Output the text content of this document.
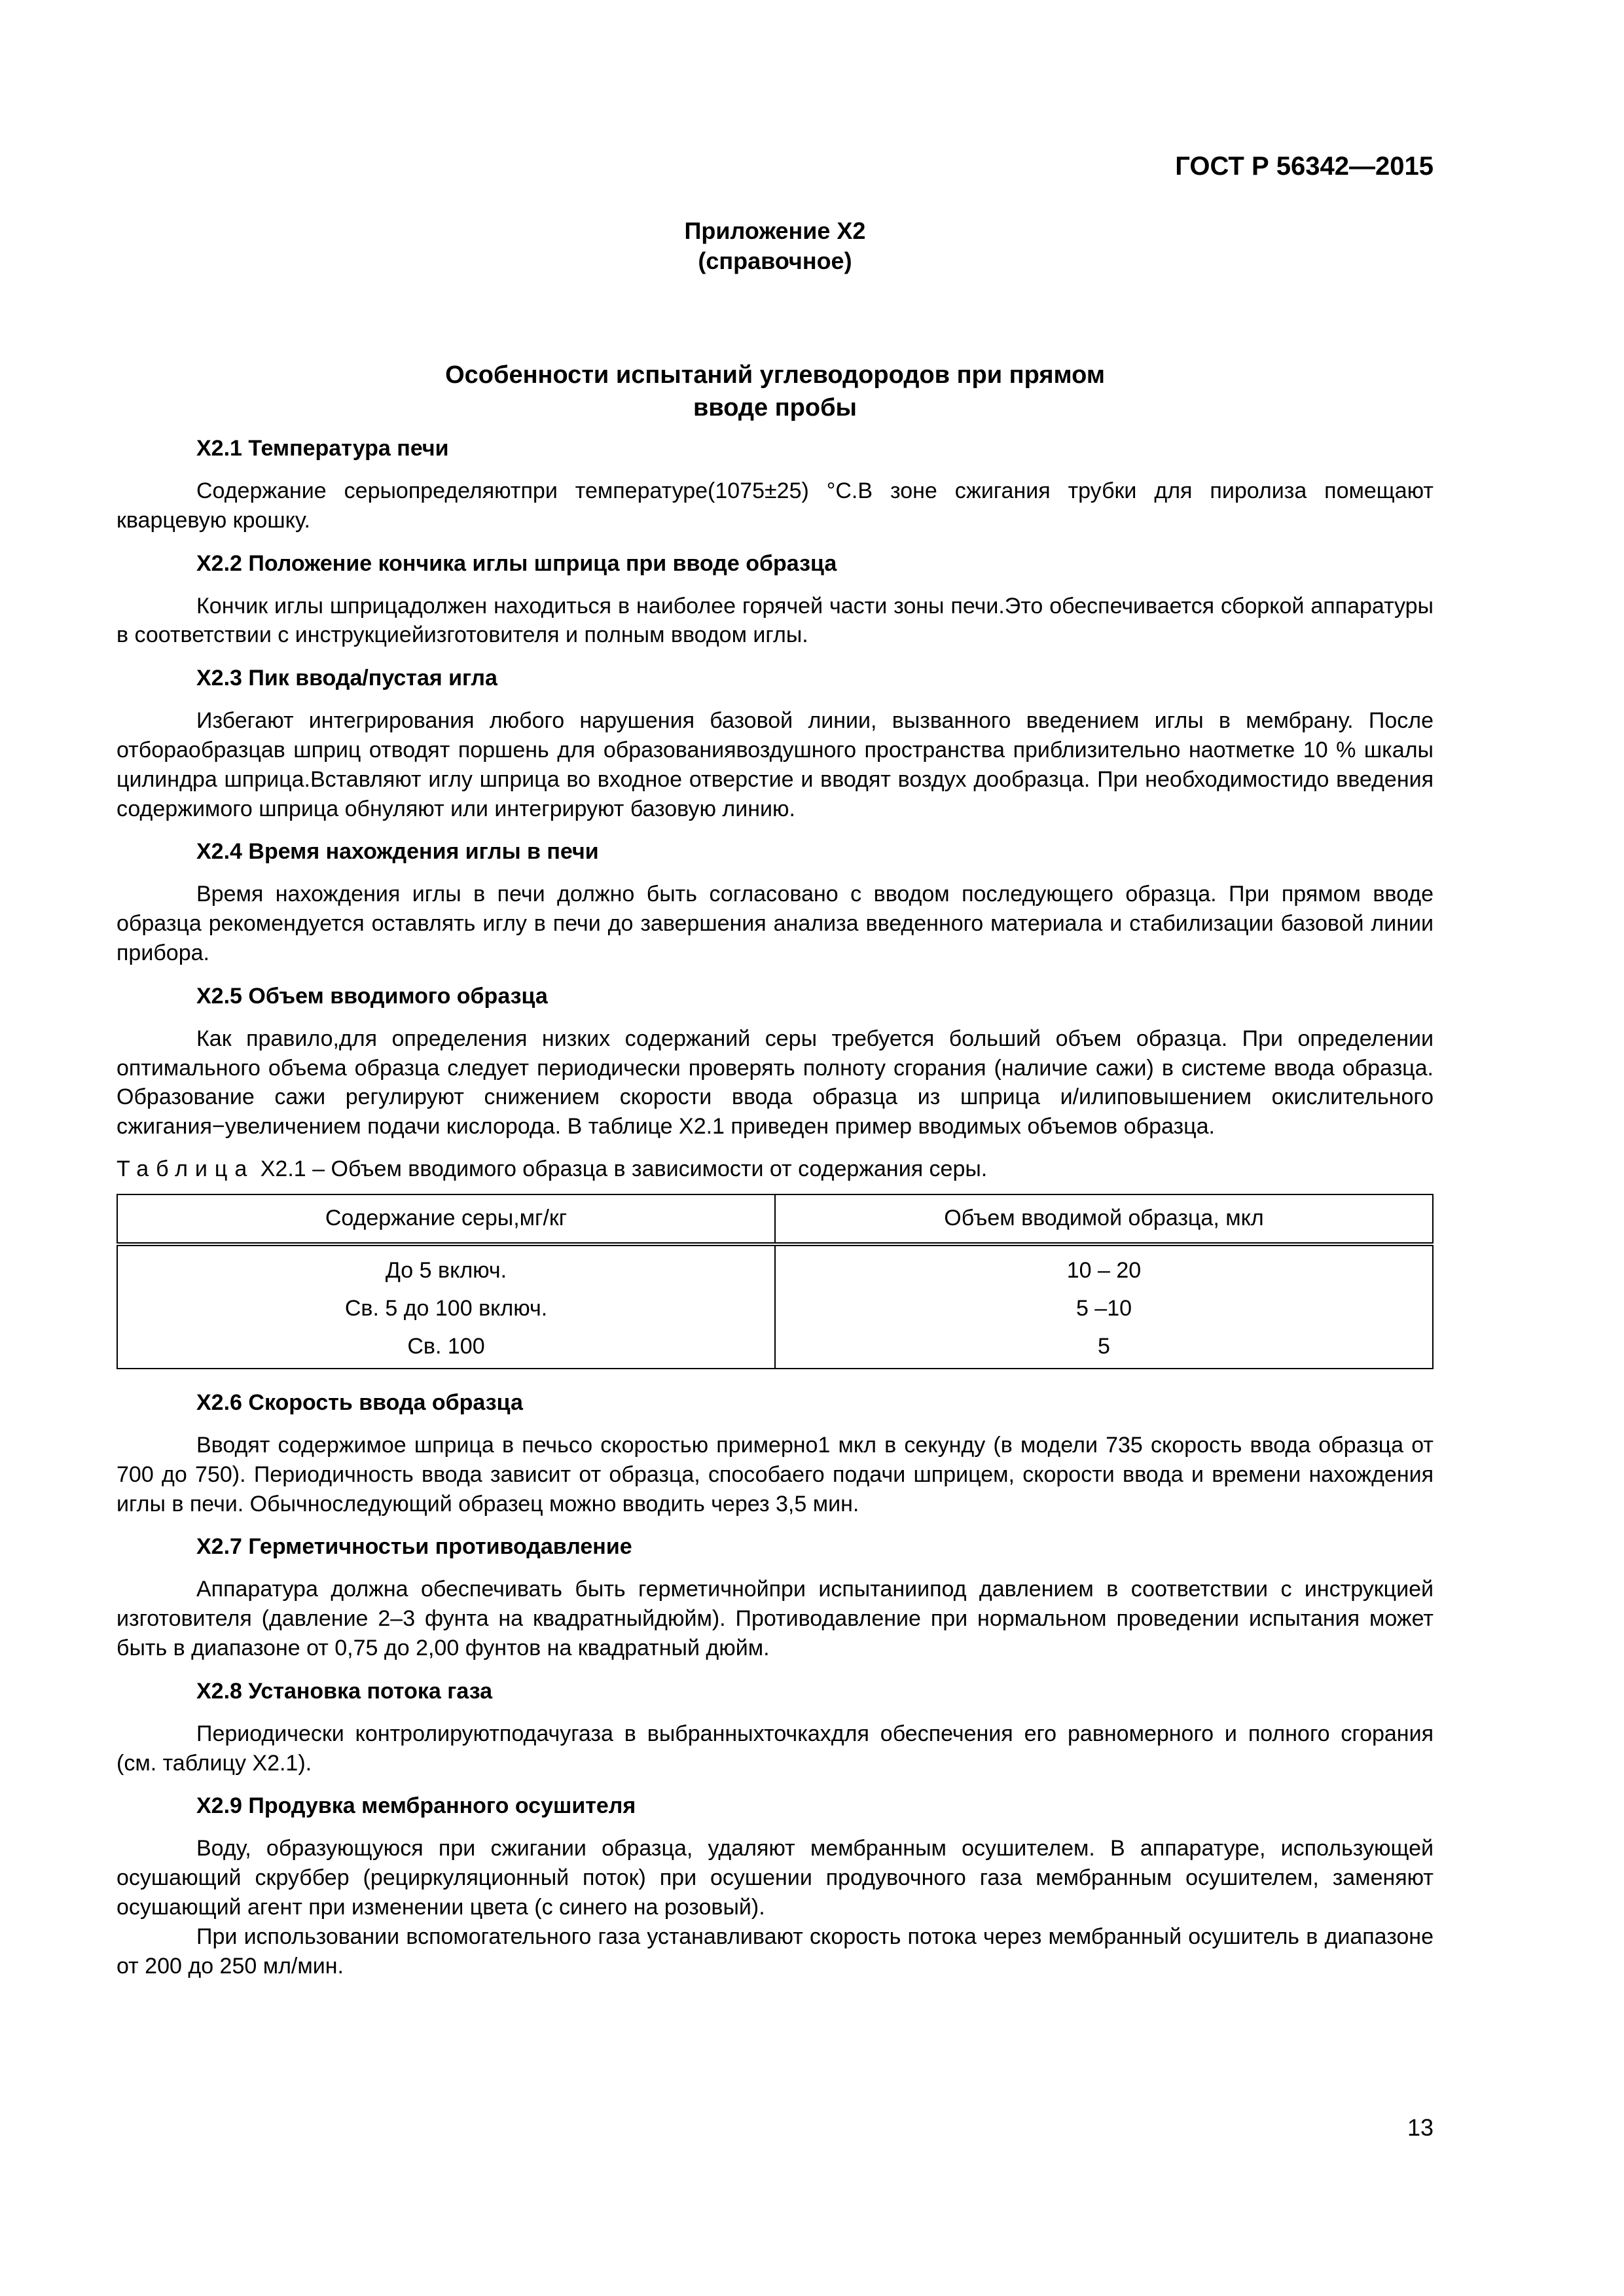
ГОСТ Р 56342—2015
Приложение Х2
(справочное)
Особенности испытаний углеводородов при прямом
вводе пробы
Х2.1 Температура печи

Содержание серыопределяютпри температуре(1075±25) °С.В зоне сжигания трубки для пиролиза помещают кварцевую крошку.

Х2.2 Положение кончика иглы шприца при вводе образца

Кончик иглы шприцадолжен находиться в наиболее горячей части зоны печи.Это обеспечивается сборкой аппаратуры в соответствии с инструкциейизготовителя и полным вводом иглы.

Х2.3 Пик ввода/пустая игла

Избегают интегрирования любого нарушения базовой линии, вызванного введением иглы в мембрану. После отбораобразцав шприц отводят поршень для образованиявоздушного пространства приблизительно наотметке 10 % шкалы цилиндра шприца.Вставляют иглу шприца во входное отверстие и вводят воздух дообразца. При необходимостидо введения содержимого шприца обнуляют или интегрируют базовую линию.

Х2.4 Время нахождения иглы в печи

Время нахождения иглы в печи должно быть согласовано с вводом последующего образца. При прямом вводе образца рекомендуется оставлять иглу в печи до завершения анализа введенного материала и стабилизации базовой линии прибора.

Х2.5 Объем вводимого образца

Как правило,для определения низких содержаний серы требуется больший объем образца. При определении оптимального объема образца следует периодически проверять полноту сгорания (наличие сажи) в системе ввода образца. Образование сажи регулируют снижением скорости ввода образца из шприца и/илиповышением окислительного сжигания−увеличением подачи кислорода. В таблице Х2.1 приведен пример вводимых объемов образца.

Таблица Х2.1 – Объем вводимого образца в зависимости от содержания серы.
Содержание серы,мг/кг	Объем вводимой образца, мкл
До 5 включ.	10 – 20
Св. 5 до 100 включ.	5 –10
Св. 100	5
Х2.6 Скорость ввода образца

Вводят содержимое шприца в печьсо скоростью примерно1 мкл в секунду (в модели 735 скорость ввода образца от 700 до 750). Периодичность ввода зависит от образца, способаего подачи шприцем, скорости ввода и времени нахождения иглы в печи. Обычноследующий образец можно вводить через 3,5 мин.

Х2.7 Герметичностьи противодавление

Аппаратура должна обеспечивать быть герметичнойпри испытаниипод давлением в соответствии с инструкцией изготовителя (давление 2–3 фунта на квадратныйдюйм). Противодавление при нормальном проведении испытания может быть в диапазоне от 0,75 до 2,00 фунтов на квадратный дюйм.

Х2.8 Установка потока газа

Периодически контролируютподачугаза в выбранныхточкахдля обеспечения его равномерного и полного сгорания (см. таблицу Х2.1).

Х2.9 Продувка мембранного осушителя

Воду, образующуюся при сжигании образца, удаляют мембранным осушителем. В аппаратуре, использующей осушающий скруббер (рециркуляционный поток) при осушении продувочного газа мембранным осушителем, заменяют осушающий агент при изменении цвета (с синего на розовый).

При использовании вспомогательного газа устанавливают скорость потока через мембранный осушитель в диапазоне от 200 до 250 мл/мин.

13
